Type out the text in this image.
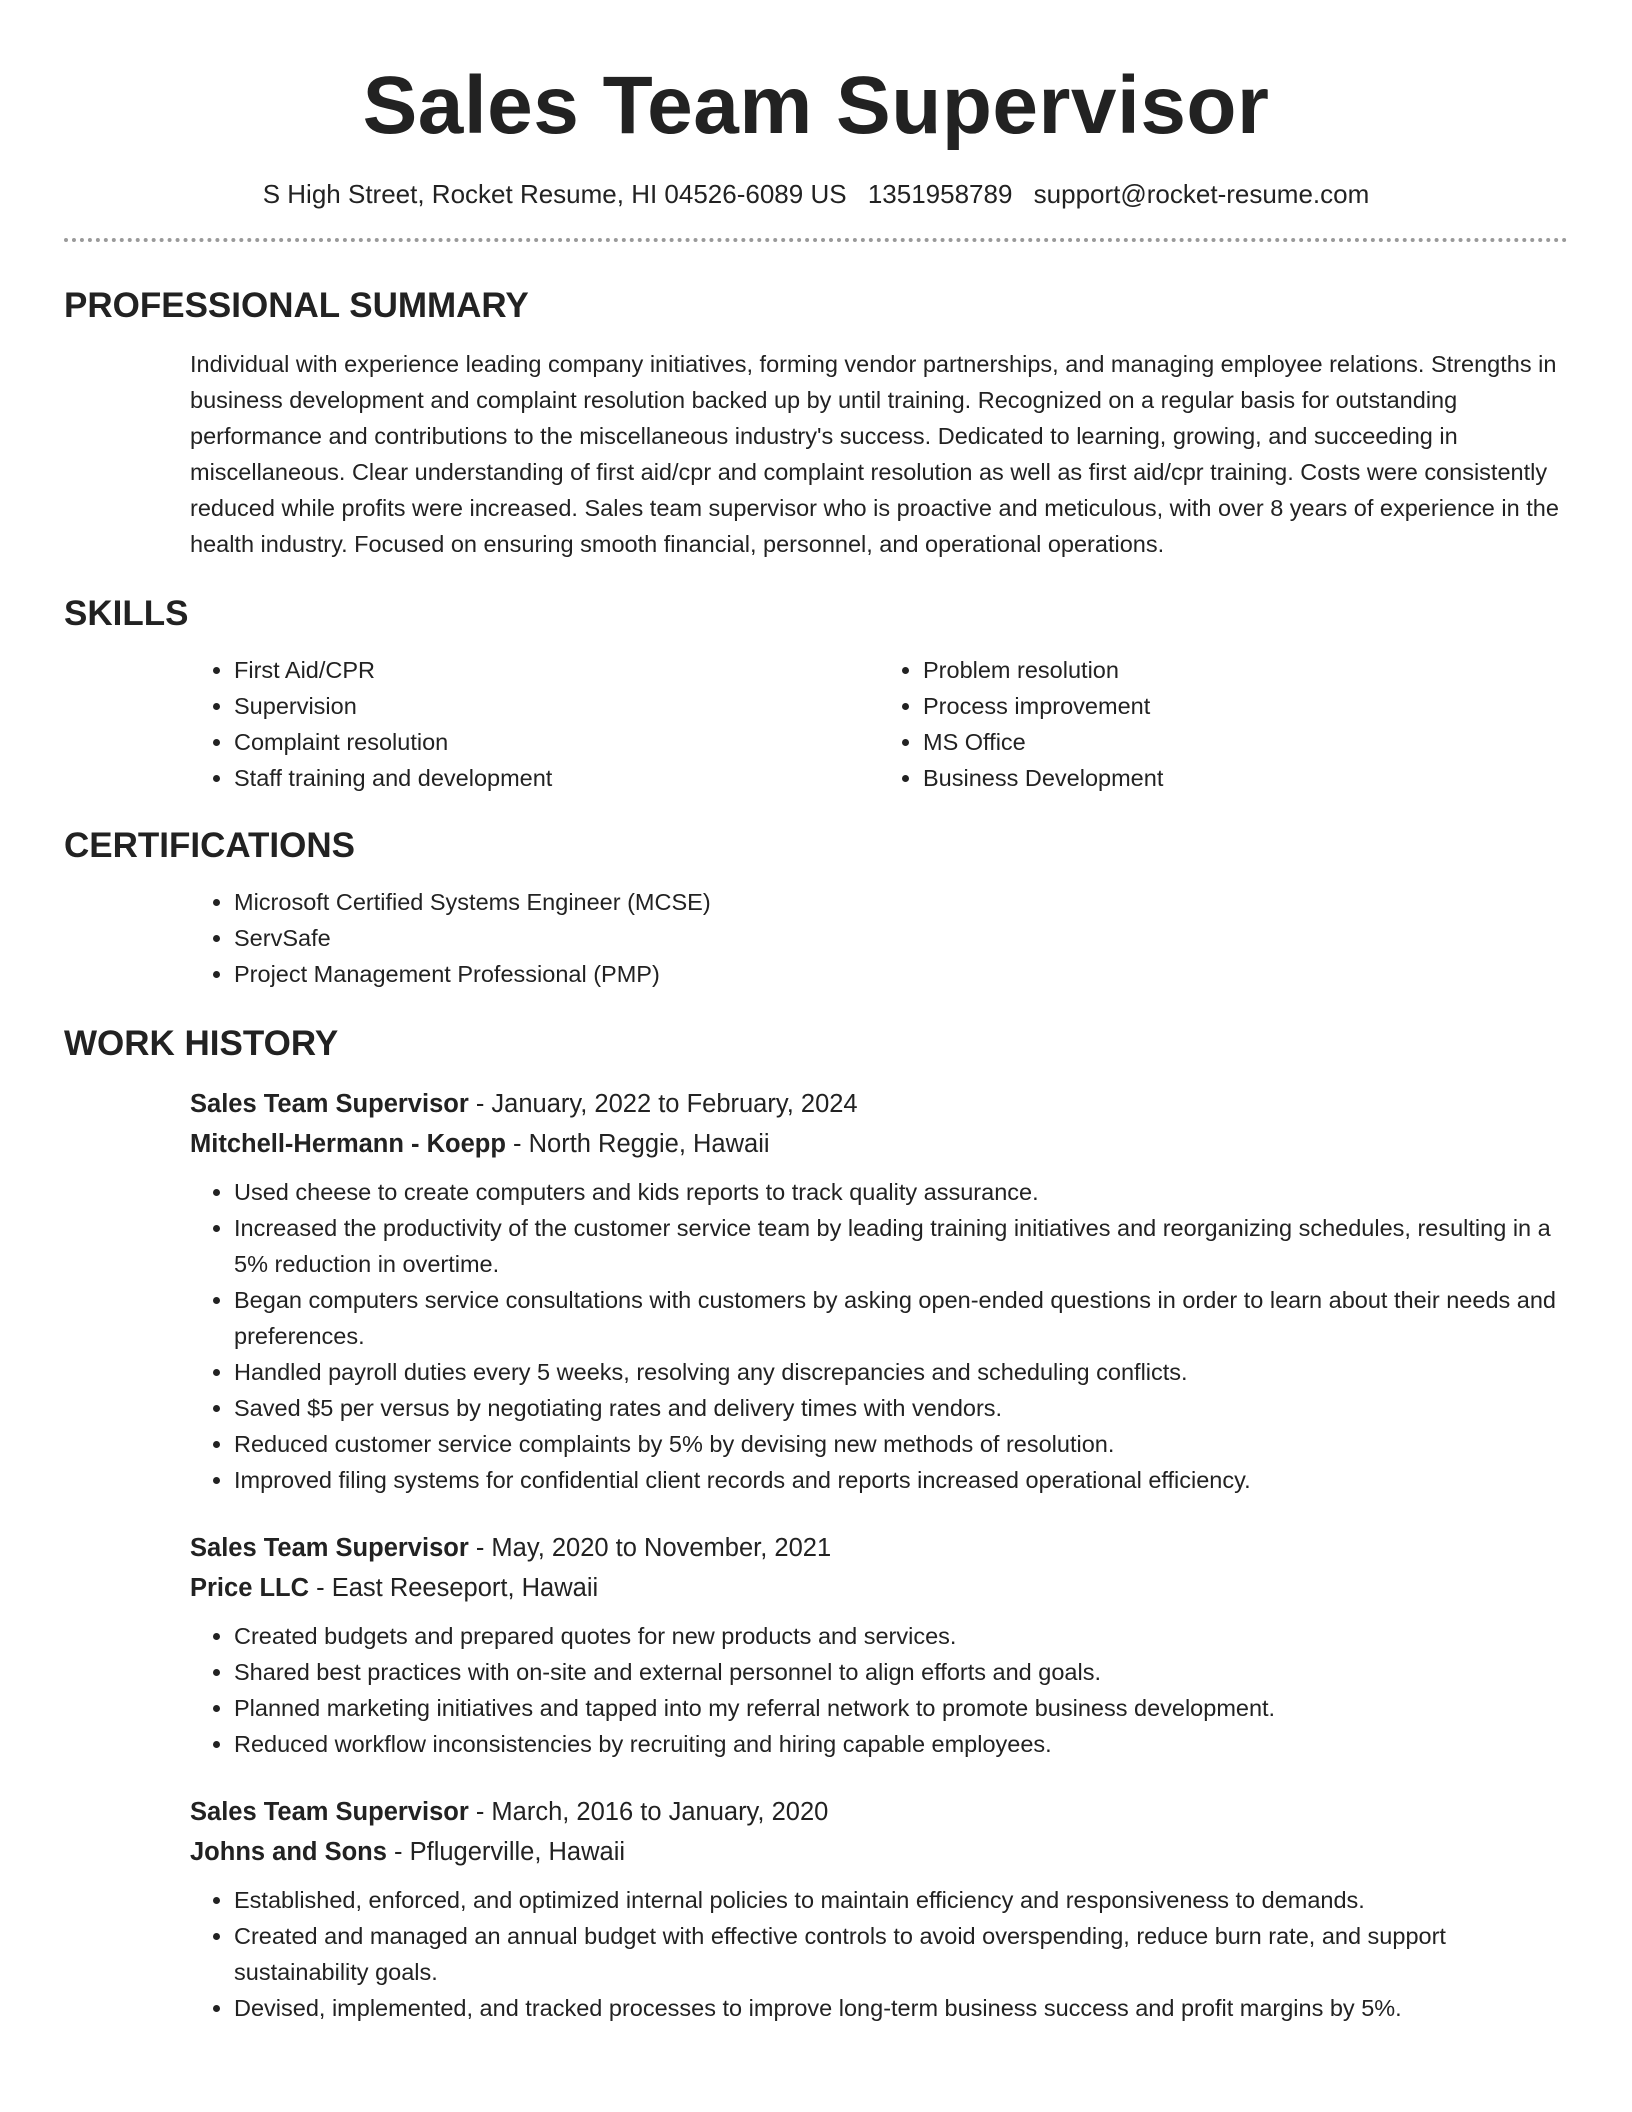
Sales Team Supervisor
S High Street, Rocket Resume, HI 04526-6089 US 1351958789 support@rocket-resume.com
PROFESSIONAL SUMMARY
Individual with experience leading company initiatives, forming vendor partnerships, and managing employee relations. Strengths in business development and complaint resolution backed up by until training. Recognized on a regular basis for outstanding performance and contributions to the miscellaneous industry's success. Dedicated to learning, growing, and succeeding in miscellaneous. Clear understanding of first aid/cpr and complaint resolution as well as first aid/cpr training. Costs were consistently reduced while profits were increased. Sales team supervisor who is proactive and meticulous, with over 8 years of experience in the health industry. Focused on ensuring smooth financial, personnel, and operational operations.
SKILLS
• First Aid/CPR
• Supervision
• Complaint resolution
• Staff training and development
• Problem resolution
• Process improvement
• MS Office
• Business Development
CERTIFICATIONS
• Microsoft Certified Systems Engineer (MCSE)
• ServSafe
• Project Management Professional (PMP)
WORK HISTORY
Sales Team Supervisor - January, 2022 to February, 2024
Mitchell-Hermann - Koepp - North Reggie, Hawaii
• Used cheese to create computers and kids reports to track quality assurance.
• Increased the productivity of the customer service team by leading training initiatives and reorganizing schedules, resulting in a 5% reduction in overtime.
• Began computers service consultations with customers by asking open-ended questions in order to learn about their needs and preferences.
• Handled payroll duties every 5 weeks, resolving any discrepancies and scheduling conflicts.
• Saved $5 per versus by negotiating rates and delivery times with vendors.
• Reduced customer service complaints by 5% by devising new methods of resolution.
• Improved filing systems for confidential client records and reports increased operational efficiency.
Sales Team Supervisor - May, 2020 to November, 2021
Price LLC - East Reeseport, Hawaii
• Created budgets and prepared quotes for new products and services.
• Shared best practices with on-site and external personnel to align efforts and goals.
• Planned marketing initiatives and tapped into my referral network to promote business development.
• Reduced workflow inconsistencies by recruiting and hiring capable employees.
Sales Team Supervisor - March, 2016 to January, 2020
Johns and Sons - Pflugerville, Hawaii
• Established, enforced, and optimized internal policies to maintain efficiency and responsiveness to demands.
• Created and managed an annual budget with effective controls to avoid overspending, reduce burn rate, and support sustainability goals.
• Devised, implemented, and tracked processes to improve long-term business success and profit margins by 5%.
